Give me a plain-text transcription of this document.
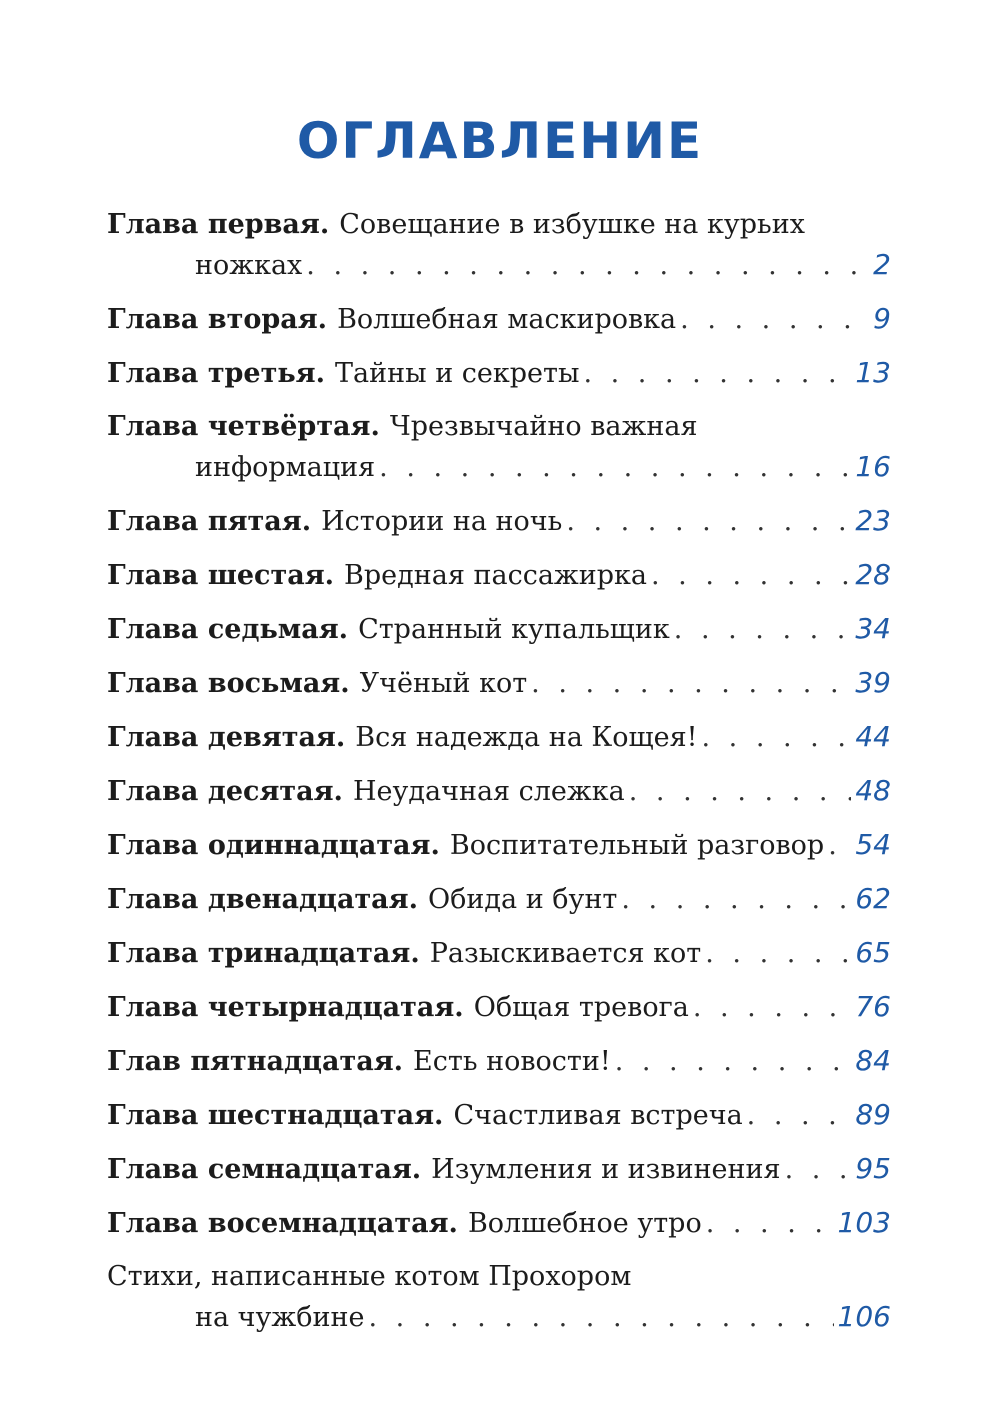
ОГЛАВЛЕНИЕ
Глава первая. Совещание в избушке на курьих
ножках . . .	2
Глава вторая. Волшебная маскировка . . .	9
Глава третья. Тайны и секреты . . .	13
Глава четвёртая. Чрезвычайно важная
информация . . .	16
Глава пятая. Истории на ночь . . .	23
Глава шестая. Вредная пассажирка . . .	28
Глава седьмая. Странный купальщик . . .	34
Глава восьмая. Учёный кот . . .	39
Глава девятая. Вся надежда на Кощея! . . .	44
Глава десятая. Неудачная слежка . . .	48
Глава одиннадцатая. Воспитательный разговор . . . 54
Глава двенадцатая. Обида и бунт . . .	62
Глава тринадцатая. Разыскивается кот . . .	65
Глава четырнадцатая. Общая тревога . . .	76
Глав пятнадцатая. Есть новости! . . .	84
Глава шестнадцатая. Счастливая встреча . . .	89
Глава семнадцатая. Изумления и извинения . . .	95
Глава восемнадцатая. Волшебное утро . . .	103
Стихи, написанные котом Прохором
на чужбине . . .	106
